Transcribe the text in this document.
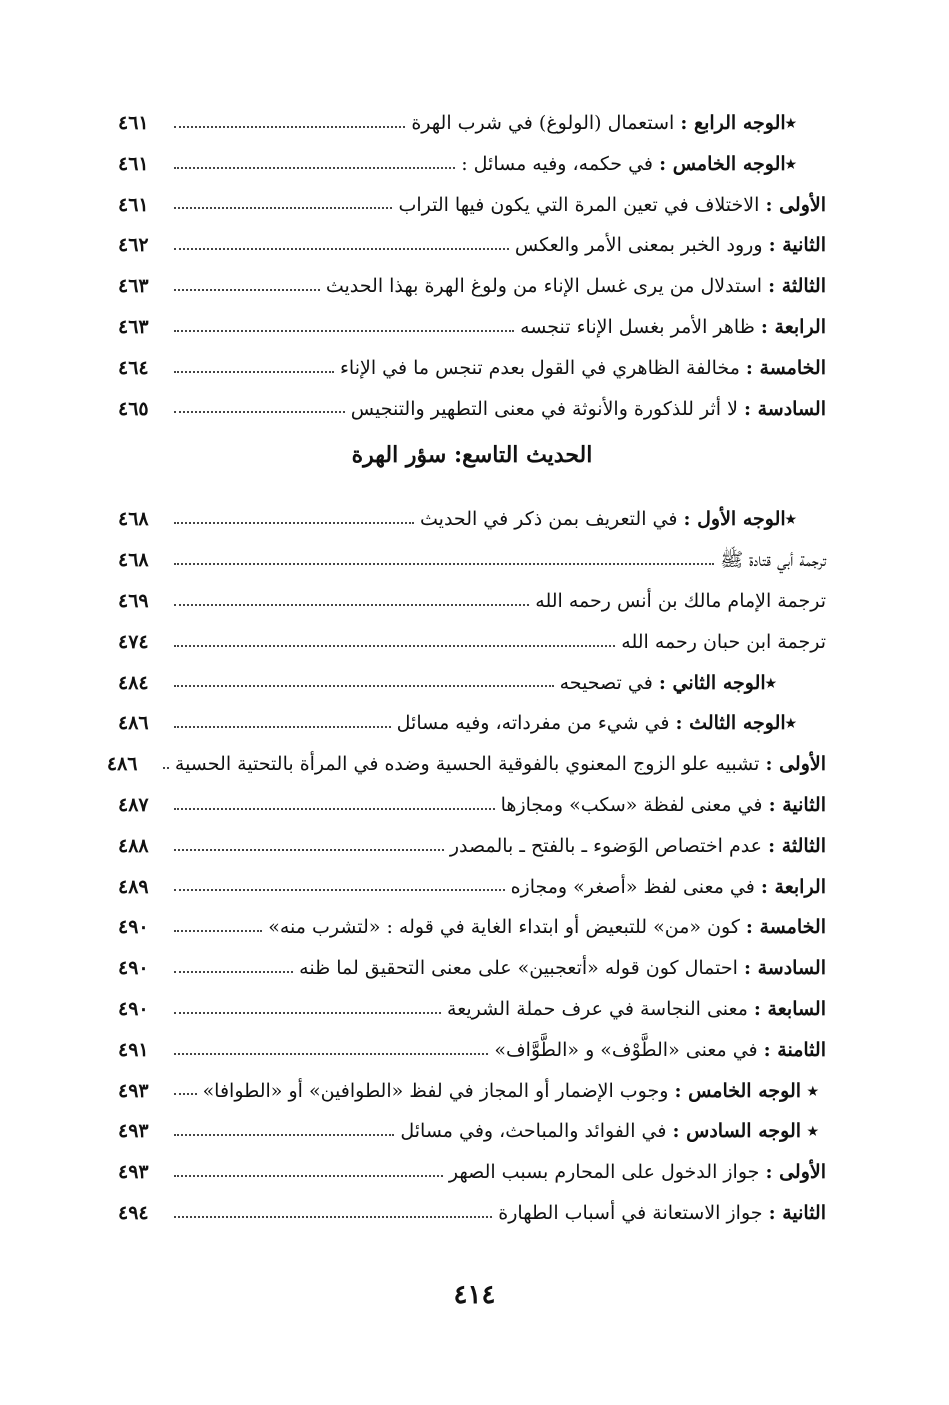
٭الوجه الرابع :

استعمال (الولوغ) في شرب الهرة
٤٦١
٭الوجه الخامس :

في حكمه، وفيه مسائل :
٤٦١
الأولى :

الاختلاف في تعين المرة التي يكون فيها التراب
٤٦١
الثانية :

ورود الخبر بمعنى الأمر والعكس
٤٦٢
الثالثة :

استدلال من يرى غسل الإناء من ولوغ الهرة بهذا الحديث
٤٦٣
الرابعة :

ظاهر الأمر بغسل الإناء تنجسه
٤٦٣
الخامسة :

مخالفة الظاهري في القول بعدم تنجس ما في الإناء
٤٦٤
السادسة :

لا أثر للذكورة والأنوثة في معنى التطهير والتنجيس
٤٦٥
الحديث التاسع: سؤر الهرة
٭الوجه الأول :

في التعريف بمن ذكر في الحديث
٤٦٨
ترجمة أبي قتادة ﷺ
٤٦٨
ترجمة الإمام مالك بن أنس رحمه الله
٤٦٩
ترجمة ابن حبان رحمه الله
٤٧٤
٭الوجه الثاني :

في تصحيحه
٤٨٤
٭الوجه الثالث :

في شيء من مفرداته، وفيه مسائل
٤٨٦
الأولى :

تشبيه علو الزوج المعنوي بالفوقية الحسية وضده في المرأة بالتحتية الحسية
٤٨٦
الثانية :

في معنى لفظة «سكب» ومجازها
٤٨٧
الثالثة :

عدم اختصاص الوَضوء ـ بالفتح ـ بالمصدر
٤٨٨
الرابعة :

في معنى لفظ «أصغر» ومجازه
٤٨٩
الخامسة :

كون «من» للتبعيض أو ابتداء الغاية في قوله : «لتشرب منه»
٤٩٠
السادسة :

احتمال كون قوله «أتعجبين» على معنى التحقيق لما ظنه
٤٩٠
السابعة :

معنى النجاسة في عرف حملة الشريعة
٤٩٠
الثامنة :

في معنى «الطَّوْف» و «الطَّوَّاف»
٤٩١
٭ الوجه الخامس :

وجوب الإضمار أو المجاز في لفظ «الطوافين» أو «الطوافا»
٤٩٣
٭ الوجه السادس :

في الفوائد والمباحث، وفي مسائل
٤٩٣
الأولى :

جواز الدخول على المحارم بسبب الصهر
٤٩٣
الثانية :

جواز الاستعانة في أسباب الطهارة
٤٩٤
٤١٤
